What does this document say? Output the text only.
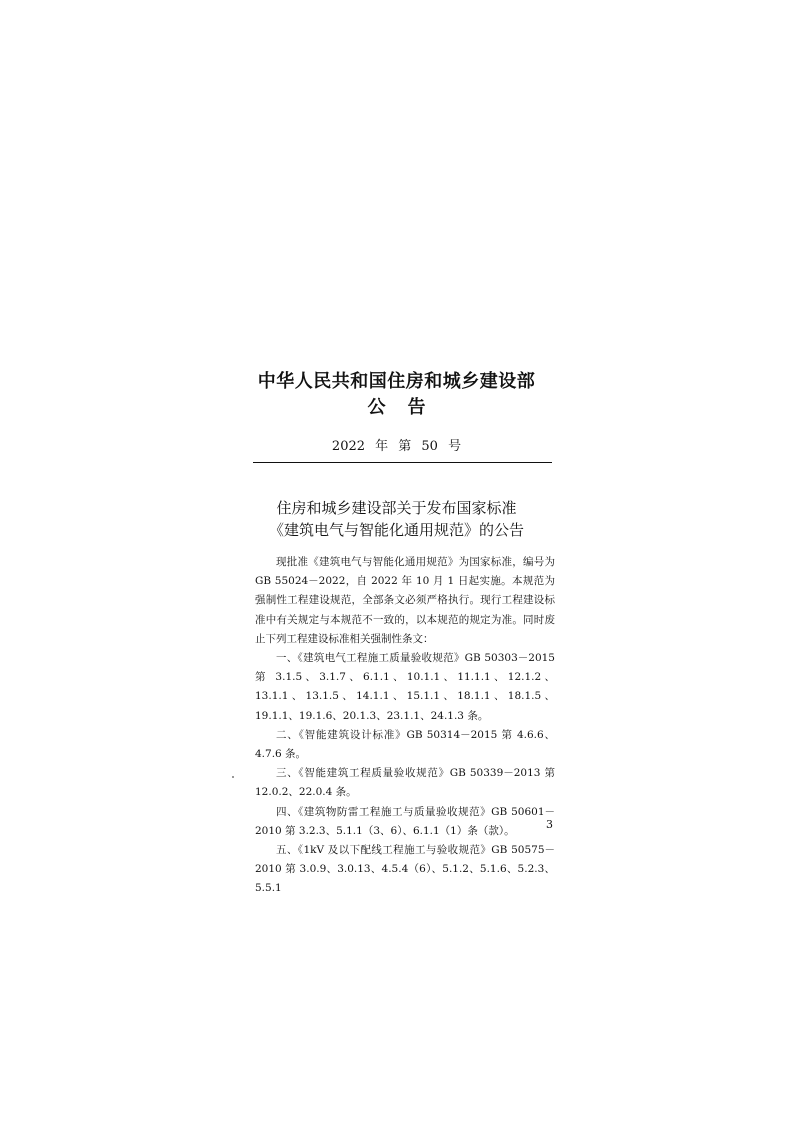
中华人民共和国住房和城乡建设部
公告
2022 年 第 50 号
住房和城乡建设部关于发布国家标准
《建筑电气与智能化通用规范》的公告

现批准《建筑电气与智能化通用规范》为国家标准，编号为GB 55024－2022，自 2022 年 10 月 1 日起实施。本规范为强制性工程建设规范，全部条文必须严格执行。现行工程建设标准中有关规定与本规范不一致的，以本规范的规定为准。同时废止下列工程建设标准相关强制性条文：

一、《建筑电气工程施工质量验收规范》GB 50303－2015 第 3.1.5、3.1.7、6.1.1、10.1.1、11.1.1、12.1.2、13.1.1、13.1.5、14.1.1、15.1.1、18.1.1、18.1.5、19.1.1、19.1.6、20.1.3、23.1.1、24.1.3 条。

二、《智能建筑设计标准》GB 50314－2015 第 4.6.6、4.7.6 条。

三、《智能建筑工程质量验收规范》GB 50339－2013 第 12.0.2、22.0.4 条。

四、《建筑物防雷工程施工与质量验收规范》GB 50601－2010 第 3.2.3、5.1.1（3、6）、6.1.1（1）条（款）。

五、《1kV 及以下配线工程施工与验收规范》GB 50575－2010 第 3.0.9、3.0.13、4.5.4（6）、5.1.2、5.1.6、5.2.3、5.5.1

3
